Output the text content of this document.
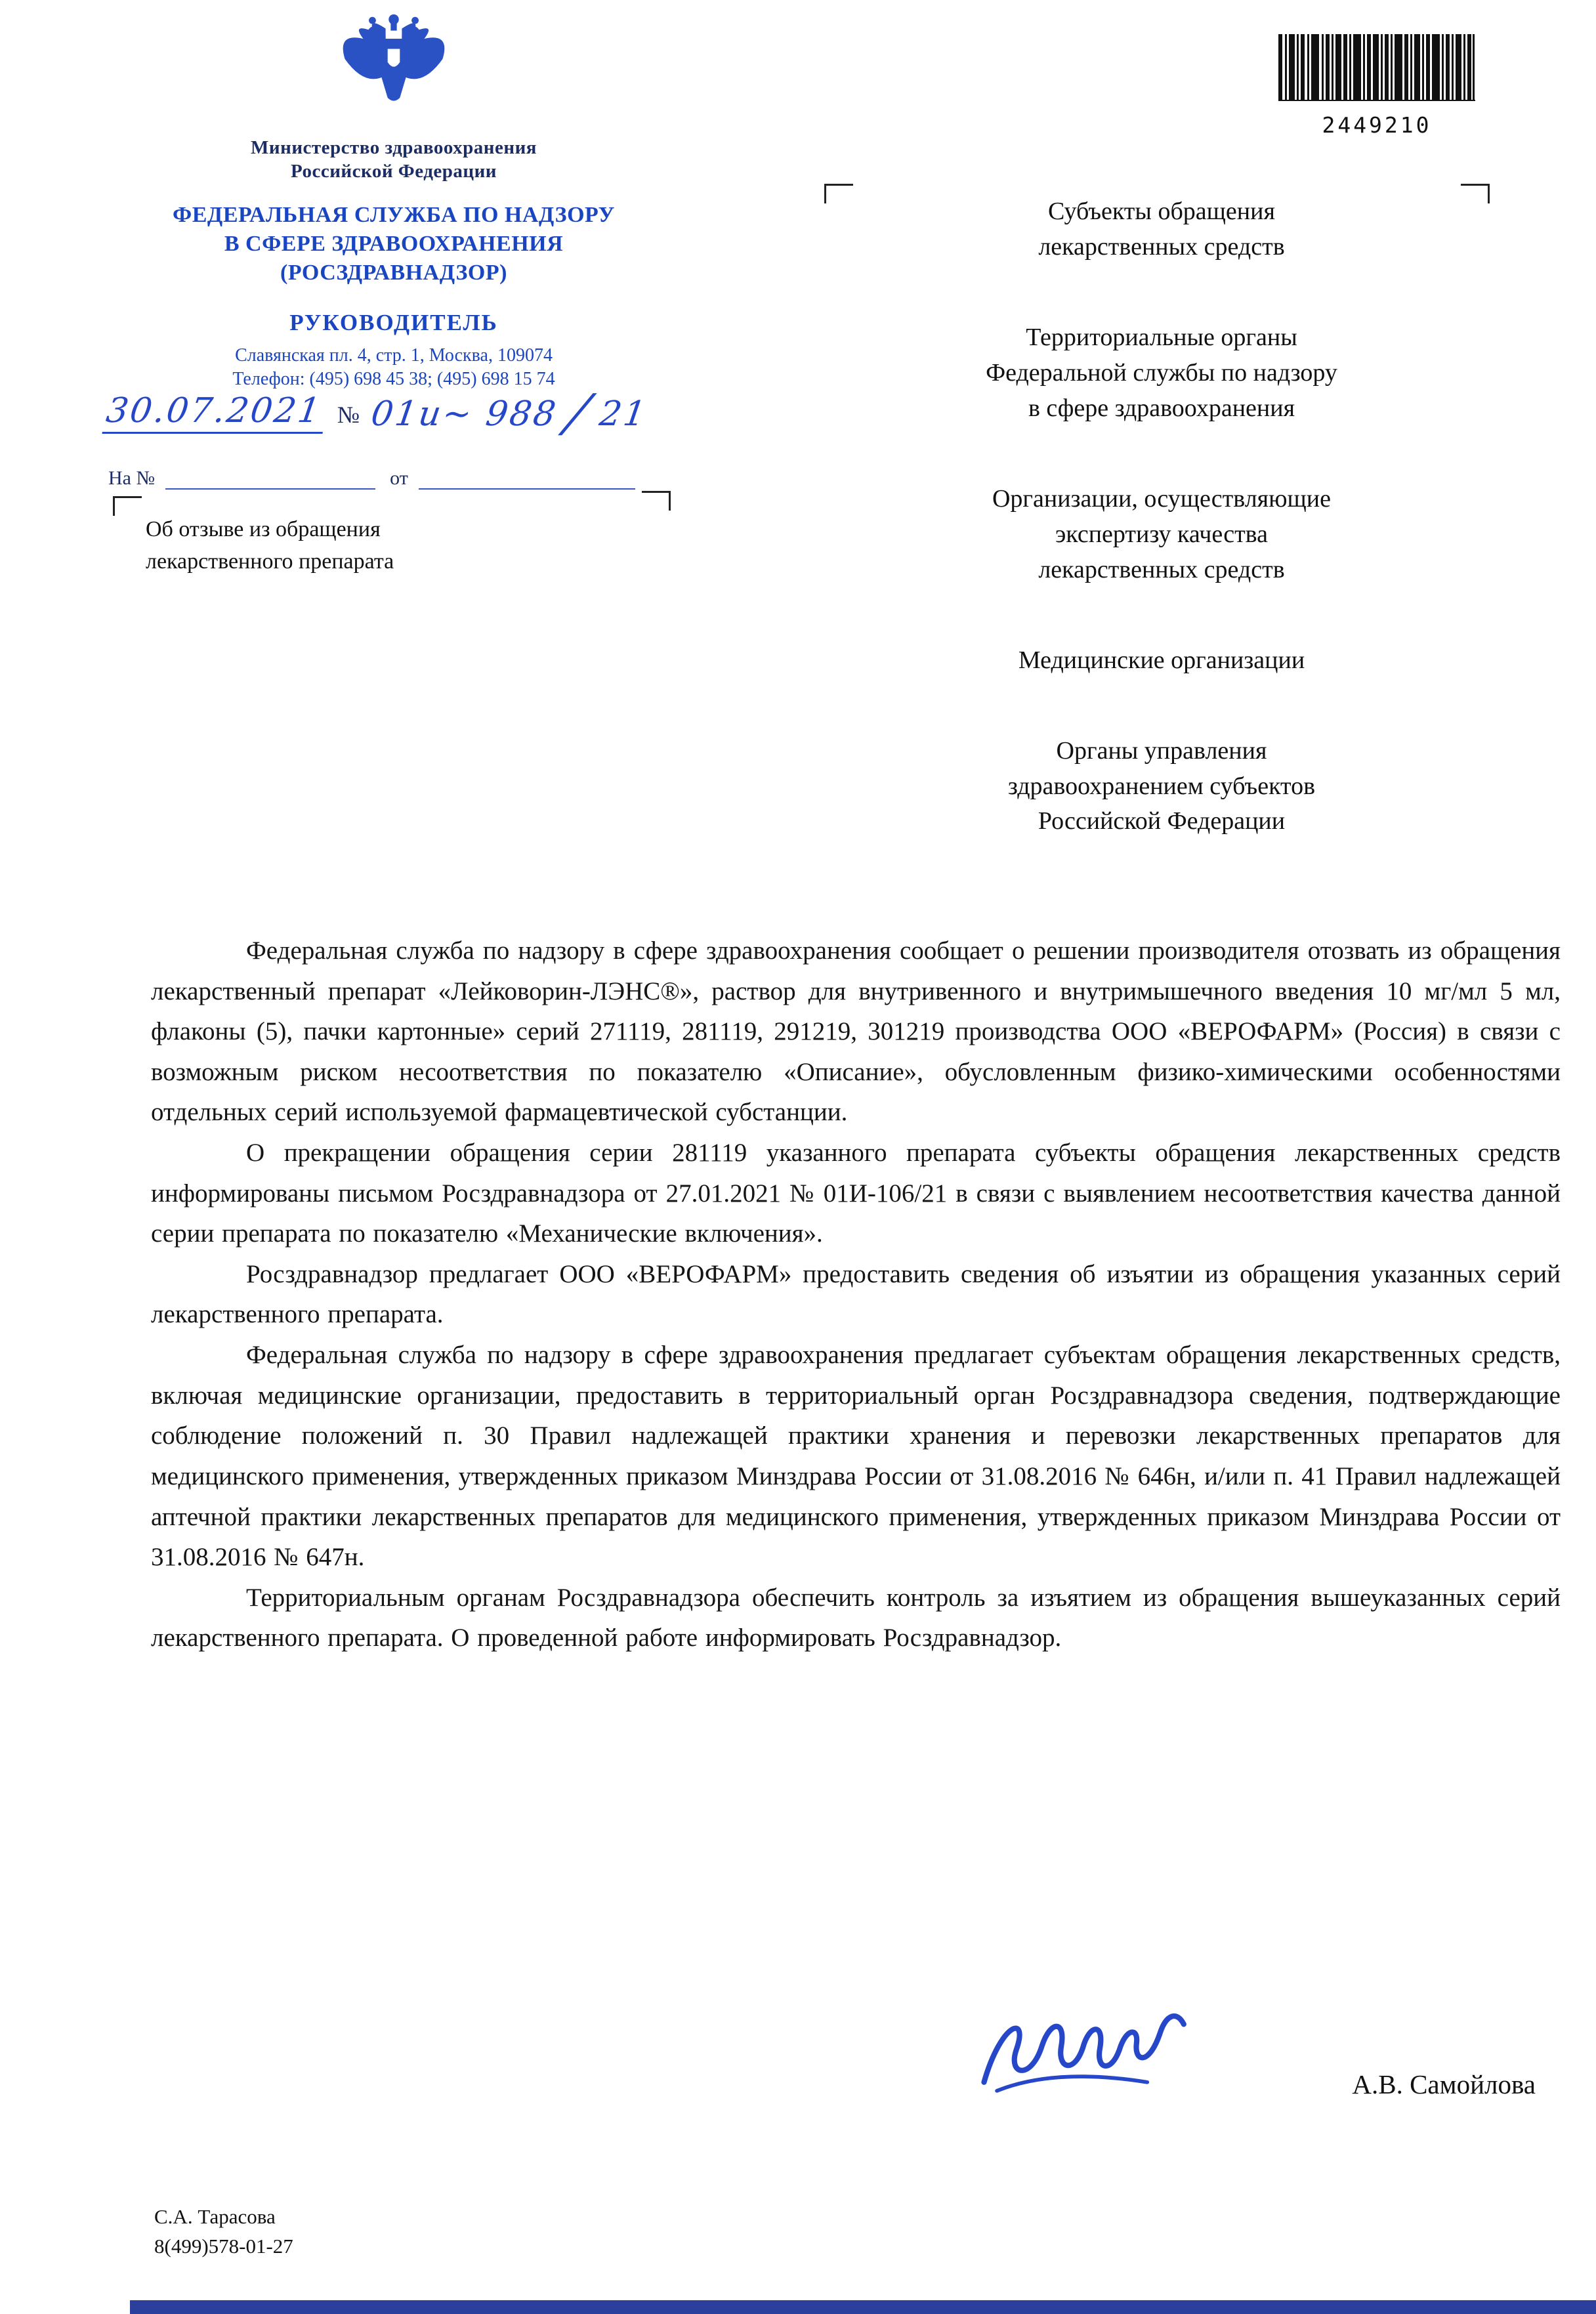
Министерство здравоохранения
Российской Федерации
ФЕДЕРАЛЬНАЯ СЛУЖБА ПО НАДЗОРУ
В СФЕРЕ ЗДРАВООХРАНЕНИЯ
(РОСЗДРАВНАДЗОР)
РУКОВОДИТЕЛЬ
Славянская пл. 4, стр. 1, Москва, 109074
Телефон: (495) 698 45 38; (495) 698 15 74
30.07.2021 № 01и~ 988 / 21
На №	от
Об отзыве из обращения
лекарственного препарата
2449210
Субъекты обращения
лекарственных средств
Территориальные органы
Федеральной службы по надзору
в сфере здравоохранения
Организации, осуществляющие
экспертизу качества
лекарственных средств
Медицинские организации
Органы управления
здравоохранением субъектов
Российской Федерации

Федеральная служба по надзору в сфере здравоохранения сообщает о решении производителя отозвать из обращения лекарственный препарат «Лейковорин-ЛЭНС®», раствор для внутривенного и внутримышечного введения 10 мг/мл 5 мл, флаконы (5), пачки картонные» серий 271119, 281119, 291219, 301219 производства ООО «ВЕРОФАРМ» (Россия) в связи с возможным риском несоответствия по показателю «Описание», обусловленным физико-химическими особенностями отдельных серий используемой фармацевтической субстанции.

О прекращении обращения серии 281119 указанного препарата субъекты обращения лекарственных средств информированы письмом Росздравнадзора от 27.01.2021 № 01И-106/21 в связи с выявлением несоответствия качества данной серии препарата по показателю «Механические включения».

Росздравнадзор предлагает ООО «ВЕРОФАРМ» предоставить сведения об изъятии из обращения указанных серий лекарственного препарата.

Федеральная служба по надзору в сфере здравоохранения предлагает субъектам обращения лекарственных средств, включая медицинские организации, предоставить в территориальный орган Росздравнадзора сведения, подтверждающие соблюдение положений п. 30 Правил надлежащей практики хранения и перевозки лекарственных препаратов для медицинского применения, утвержденных приказом Минздрава России от 31.08.2016 № 646н, и/или п. 41 Правил надлежащей аптечной практики лекарственных препаратов для медицинского применения, утвержденных приказом Минздрава России от 31.08.2016 № 647н.

Территориальным органам Росздравнадзора обеспечить контроль за изъятием из обращения вышеуказанных серий лекарственного препарата. О проведенной работе информировать Росздравнадзор.

А.В. Самойлова
С.А. Тарасова
8(499)578-01-27
